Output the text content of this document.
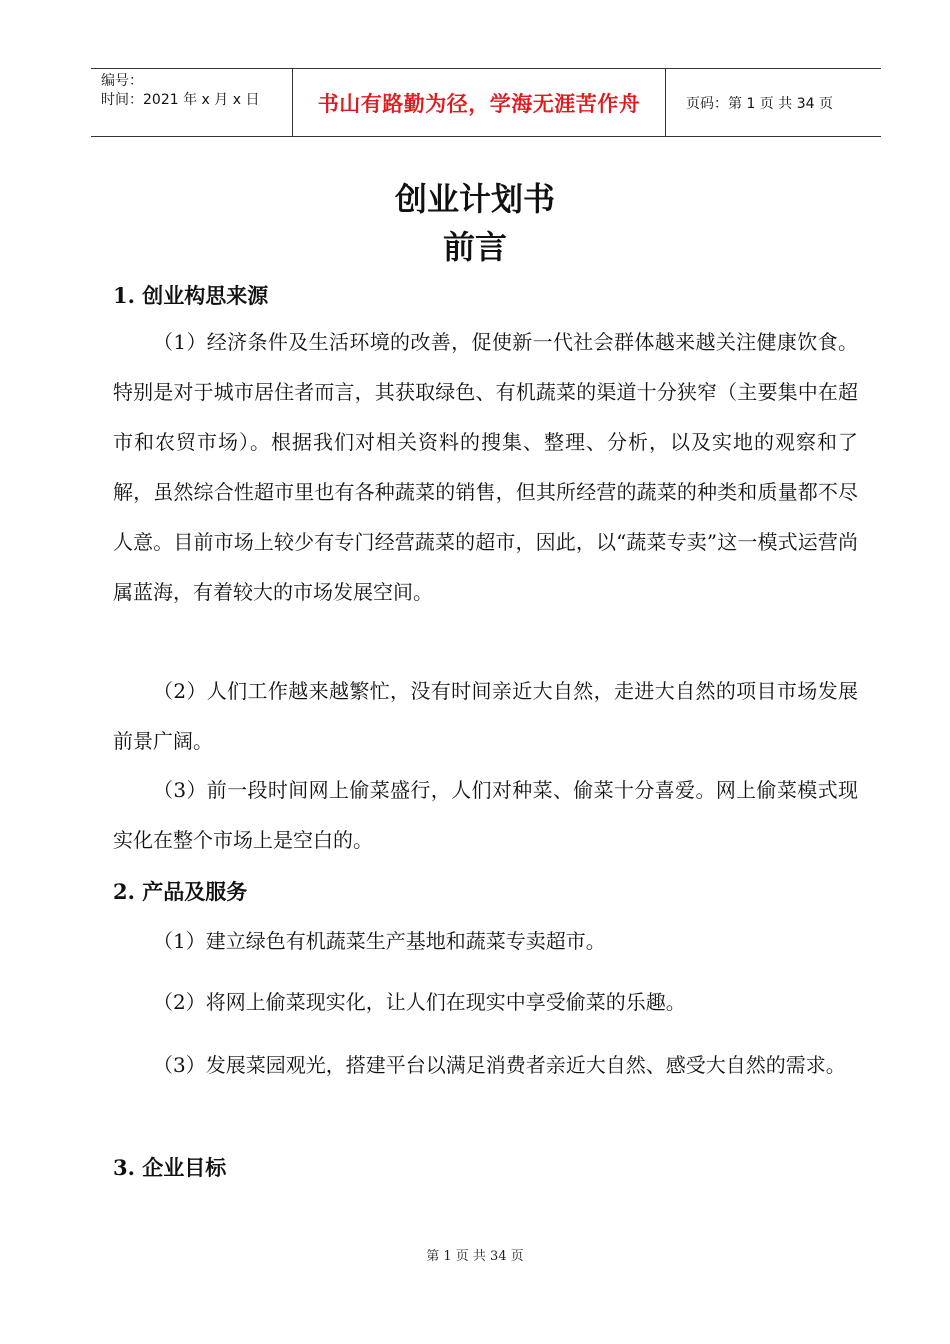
编号：
时间：2021 年 x 月 x 日	书山有路勤为径，学海无涯苦作舟	页码：第 1 页 共 34 页
创业计划书
前言
1. 创业构思来源

（1）经济条件及生活环境的改善，促使新一代社会群体越来越关注健康饮食。特别是对于城市居住者而言，其获取绿色、有机蔬菜的渠道十分狭窄（主要集中在超市和农贸市场）。根据我们对相关资料的搜集、整理、分析，以及实地的观察和了解，虽然综合性超市里也有各种蔬菜的销售，但其所经营的蔬菜的种类和质量都不尽人意。目前市场上较少有专门经营蔬菜的超市，因此，以“蔬菜专卖”这一模式运营尚属蓝海，有着较大的市场发展空间。

（2）人们工作越来越繁忙，没有时间亲近大自然，走进大自然的项目市场发展前景广阔。

（3）前一段时间网上偷菜盛行，人们对种菜、偷菜十分喜爱。网上偷菜模式现实化在整个市场上是空白的。

2. 产品及服务

（1）建立绿色有机蔬菜生产基地和蔬菜专卖超市。

（2）将网上偷菜现实化，让人们在现实中享受偷菜的乐趣。

（3）发展菜园观光，搭建平台以满足消费者亲近大自然、感受大自然的需求。

3. 企业目标
第 1 页 共 34 页
